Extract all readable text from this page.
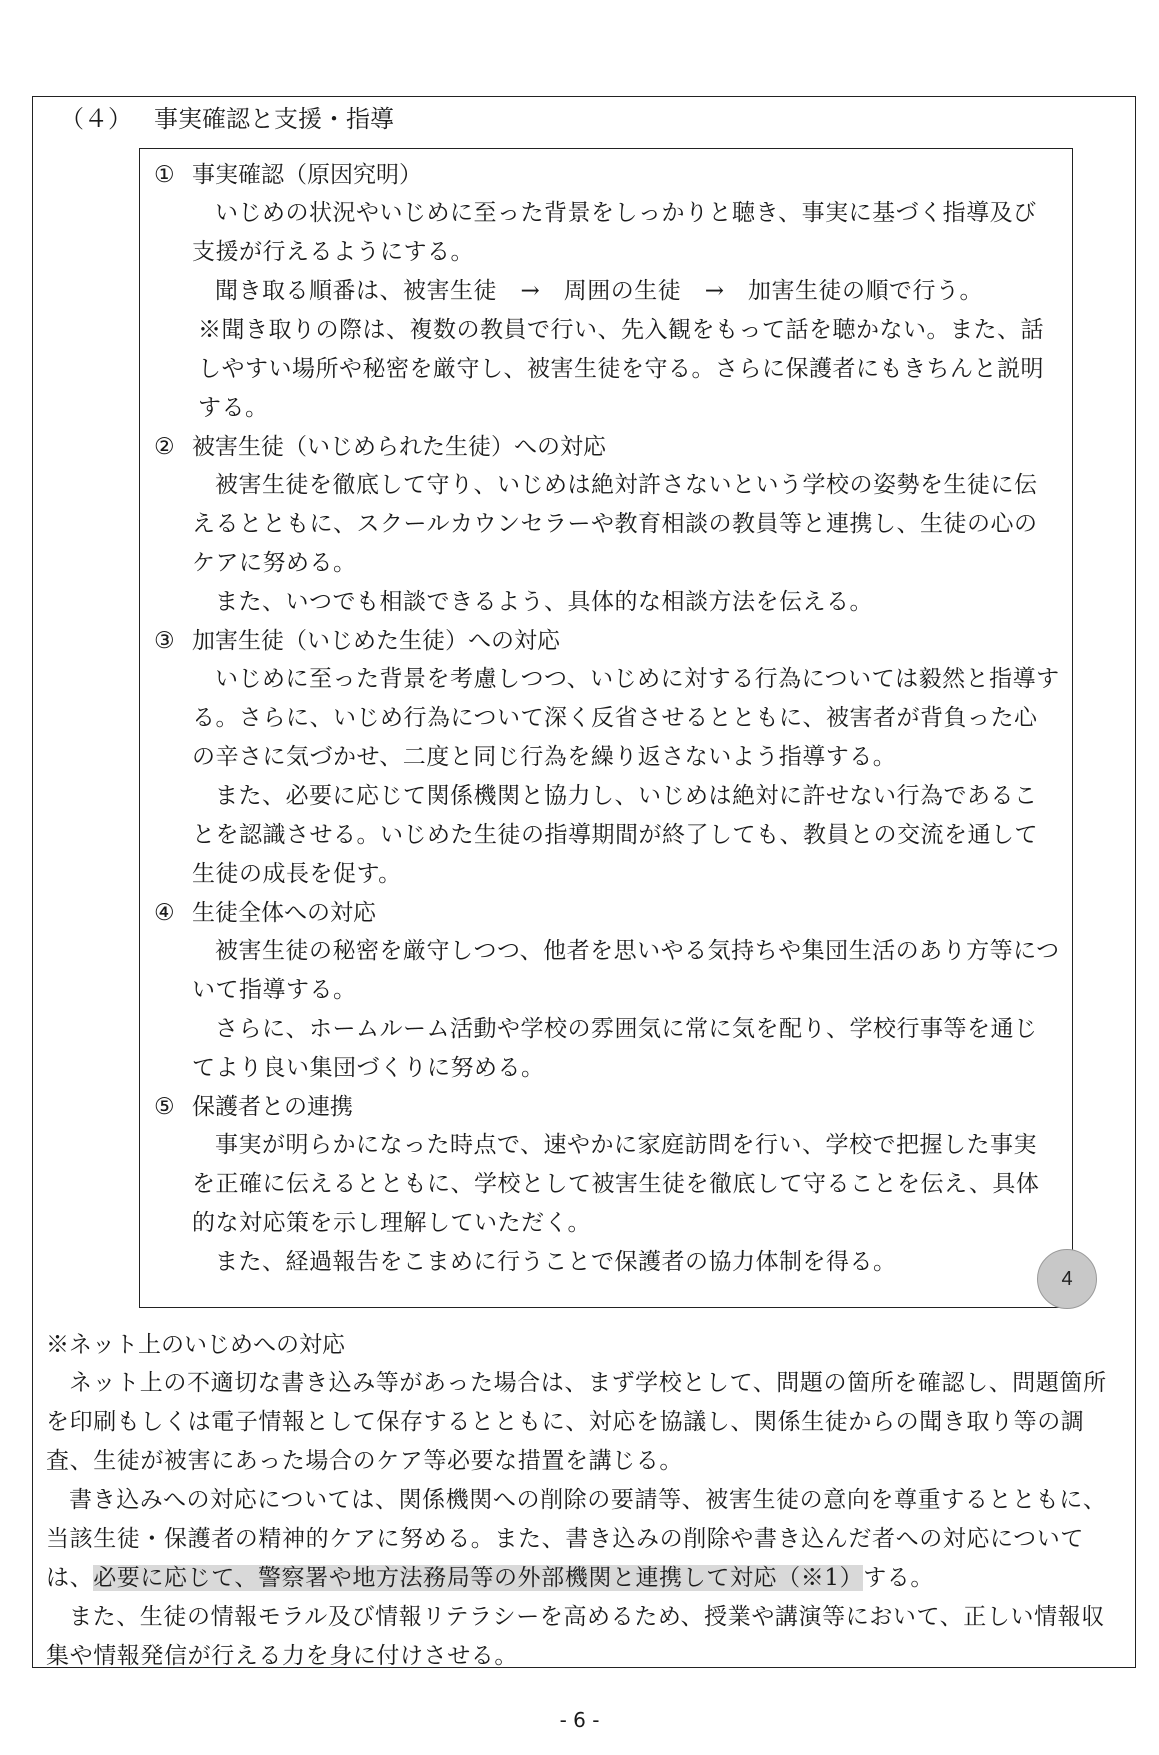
（４） 事実確認と支援・指導
① 事実確認（原因究明）

いじめの状況やいじめに至った背景をしっかりと聴き、事実に基づく指導及び支援が行えるようにする。

聞き取る順番は、被害生徒　→　周囲の生徒　→　加害生徒の順で行う。

※聞き取りの際は、複数の教員で行い、先入観をもって話を聴かない。また、話しやすい場所や秘密を厳守し、被害生徒を守る。さらに保護者にもきちんと説明する。

② 被害生徒（いじめられた生徒）への対応

被害生徒を徹底して守り、いじめは絶対許さないという学校の姿勢を生徒に伝えるとともに、スクールカウンセラーや教育相談の教員等と連携し、生徒の心のケアに努める。

また、いつでも相談できるよう、具体的な相談方法を伝える。

③ 加害生徒（いじめた生徒）への対応

いじめに至った背景を考慮しつつ、いじめに対する行為については毅然と指導する。さらに、いじめ行為について深く反省させるとともに、被害者が背負った心の辛さに気づかせ、二度と同じ行為を繰り返さないよう指導する。

また、必要に応じて関係機関と協力し、いじめは絶対に許せない行為であることを認識させる。いじめた生徒の指導期間が終了しても、教員との交流を通して生徒の成長を促す。

④ 生徒全体への対応

被害生徒の秘密を厳守しつつ、他者を思いやる気持ちや集団生活のあり方等について指導する。

さらに、ホームルーム活動や学校の雰囲気に常に気を配り、学校行事等を通じてより良い集団づくりに努める。

⑤ 保護者との連携

事実が明らかになった時点で、速やかに家庭訪問を行い、学校で把握した事実を正確に伝えるとともに、学校として被害生徒を徹底して守ることを伝え、具体的な対応策を示し理解していただく。

また、経過報告をこまめに行うことで保護者の協力体制を得る。

4
※ネット上のいじめへの対応

ネット上の不適切な書き込み等があった場合は、まず学校として、問題の箇所を確認し、問題箇所を印刷もしくは電子情報として保存するとともに、対応を協議し、関係生徒からの聞き取り等の調査、生徒が被害にあった場合のケア等必要な措置を講じる。

書き込みへの対応については、関係機関への削除の要請等、被害生徒の意向を尊重するとともに、当該生徒・保護者の精神的ケアに努める。また、書き込みの削除や書き込んだ者への対応については、必要に応じて、警察署や地方法務局等の外部機関と連携して対応（※1）する。

また、生徒の情報モラル及び情報リテラシーを高めるため、授業や講演等において、正しい情報収集や情報発信が行える力を身に付けさせる。

- 6 -
